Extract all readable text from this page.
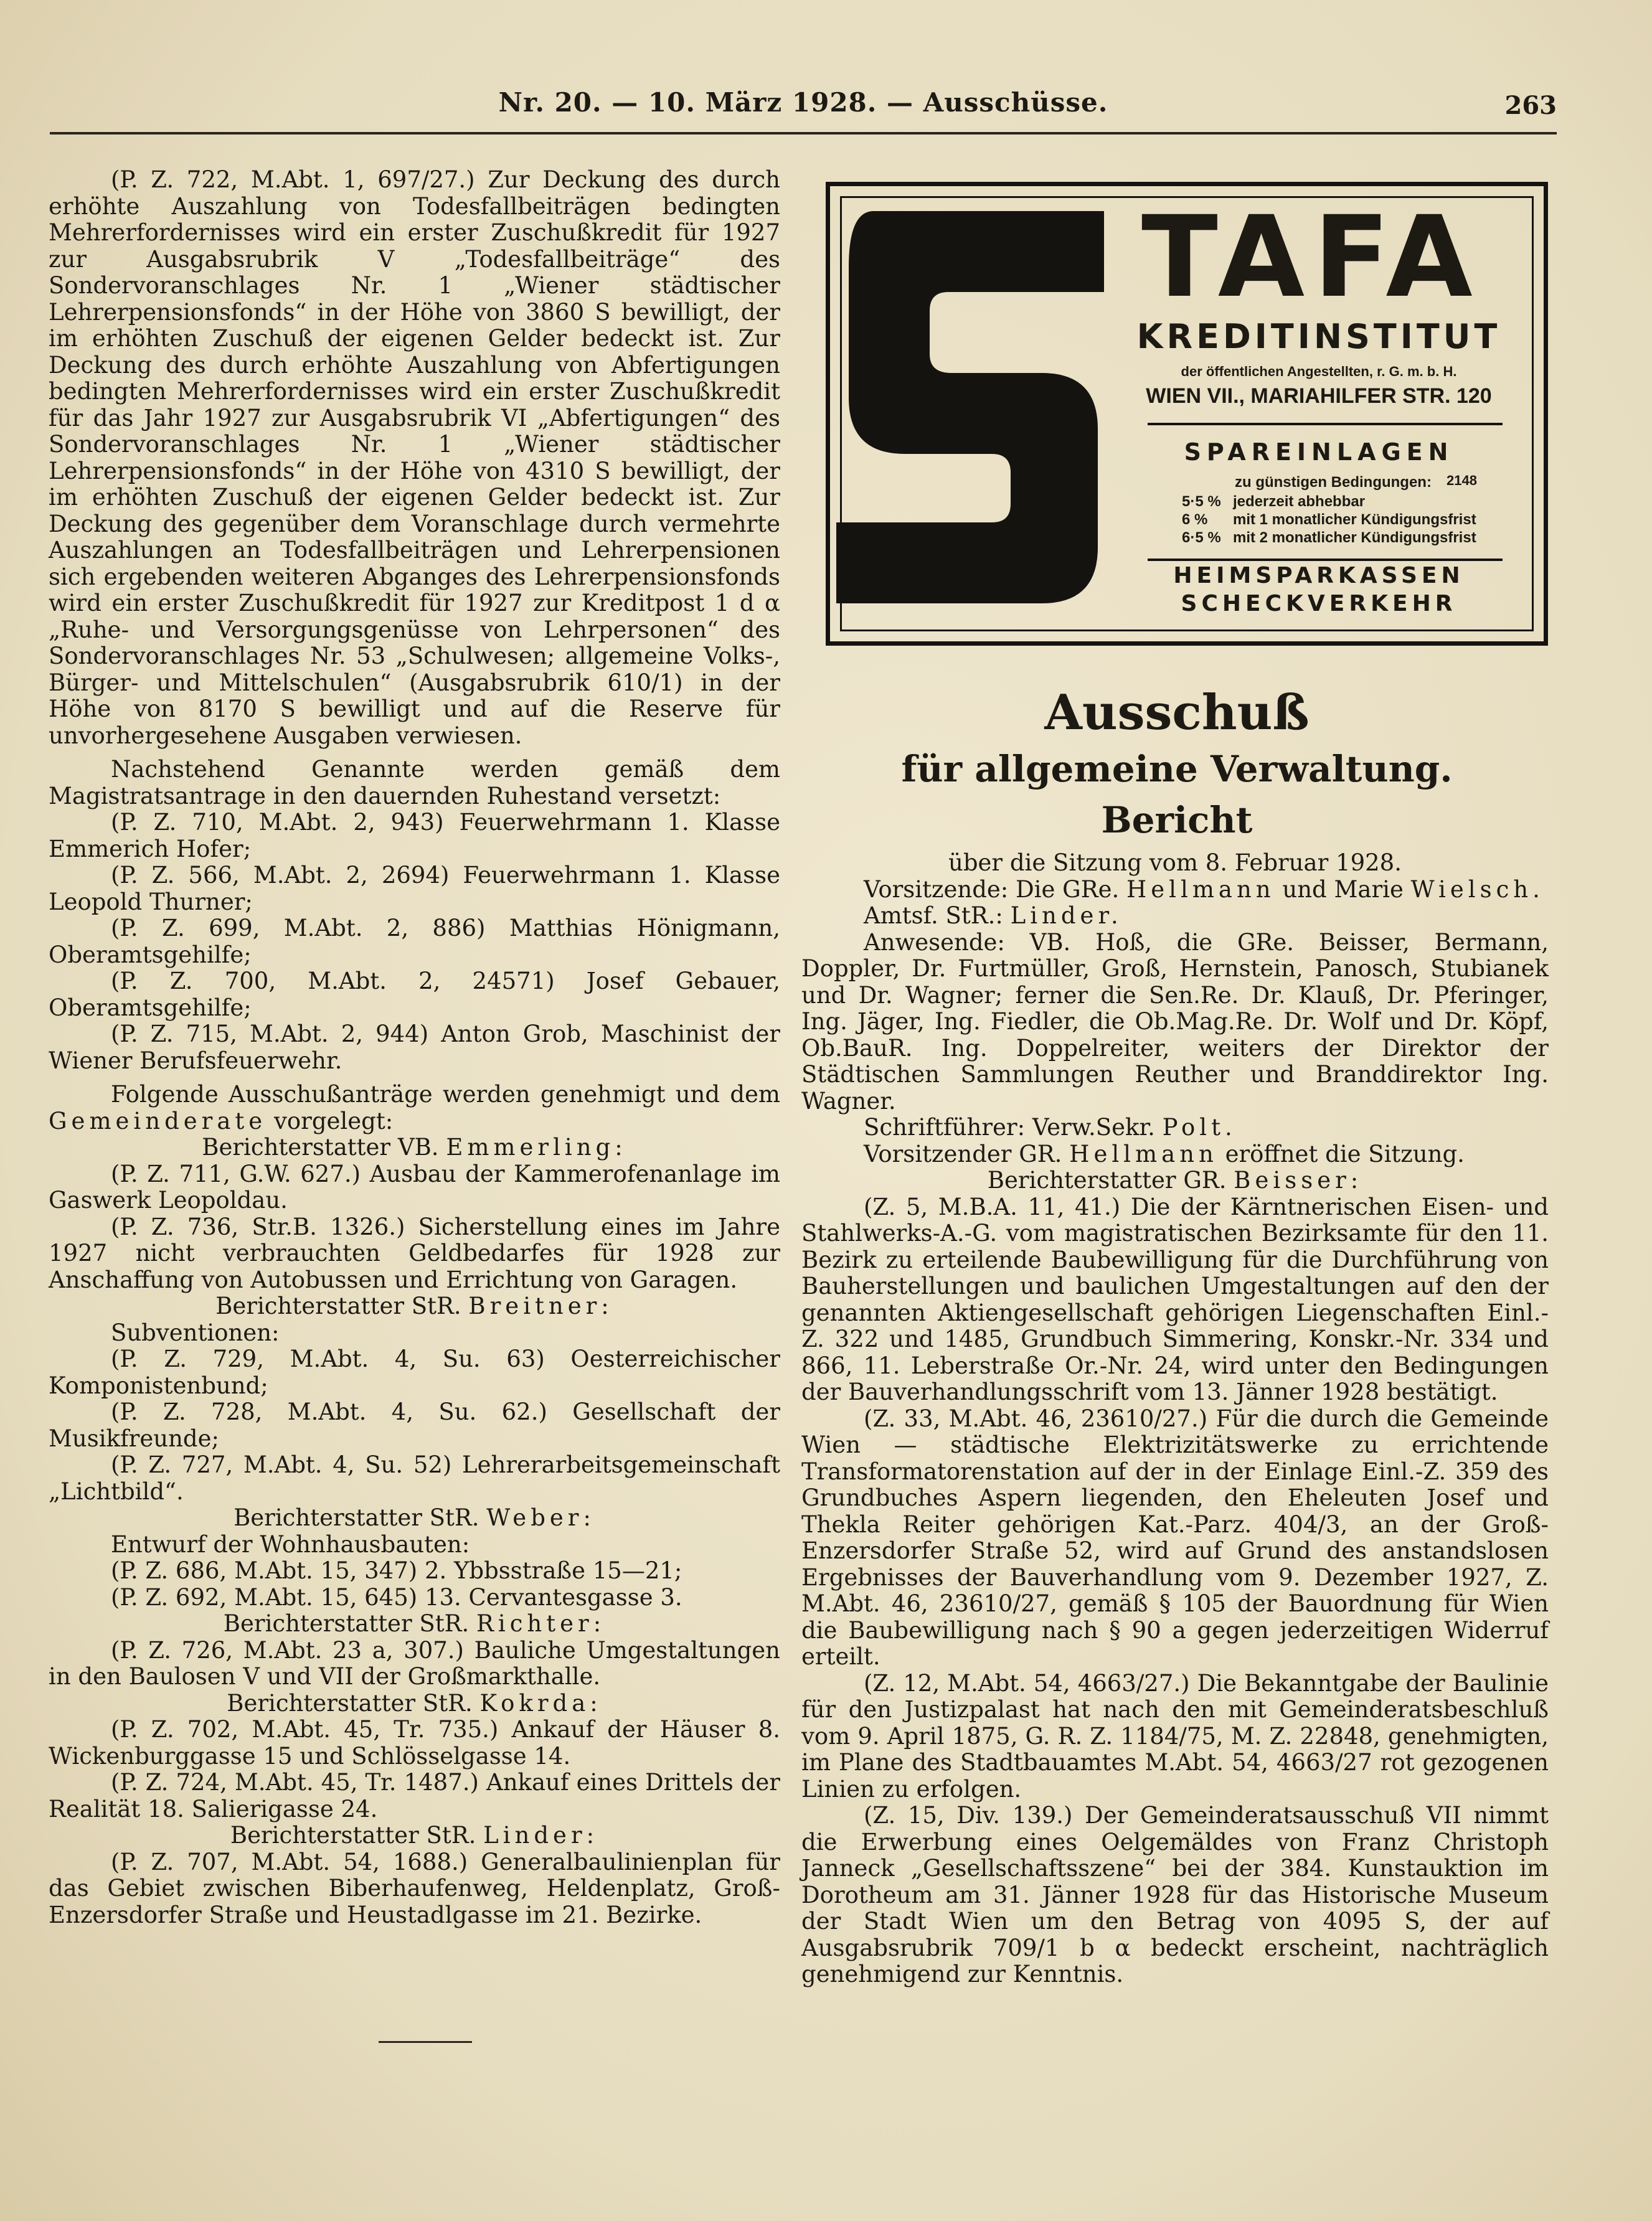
Nr. 20. — 10. März 1928. — Ausschüsse.	263

(P. Z. 722, M.Abt. 1, 697/27.) Zur Deckung des durch erhöhte Auszahlung von Todesfallbeiträgen bedingten Mehrerfordernisses wird ein erster Zuschußkredit für 1927 zur Ausgabsrubrik V „Todesfallbeiträge“ des Sondervoranschlages Nr. 1 „Wiener städtischer Lehrerpensionsfonds“ in der Höhe von 3860 S bewilligt, der im erhöhten Zuschuß der eigenen Gelder bedeckt ist. Zur Deckung des durch erhöhte Auszahlung von Abfertigungen bedingten Mehrerfordernisses wird ein erster Zuschußkredit für das Jahr 1927 zur Ausgabsrubrik VI „Abfertigungen“ des Sondervoranschlages Nr. 1 „Wiener städtischer Lehrerpensionsfonds“ in der Höhe von 4310 S bewilligt, der im erhöhten Zuschuß der eigenen Gelder bedeckt ist. Zur Deckung des gegenüber dem Voranschlage durch vermehrte Auszahlungen an Todesfallbeiträgen und Lehrerpensionen sich ergebenden weiteren Abganges des Lehrerpensionsfonds wird ein erster Zuschußkredit für 1927 zur Kreditpost 1 d α „Ruhe- und Versorgungsgenüsse von Lehrpersonen“ des Sondervoranschlages Nr. 53 „Schulwesen; allgemeine Volks-, Bürger- und Mittelschulen“ (Ausgabsrubrik 610/1) in der Höhe von 8170 S bewilligt und auf die Reserve für unvorhergesehene Ausgaben verwiesen.

Nachstehend Genannte werden gemäß dem Magistratsantrage in den dauernden Ruhestand versetzt:

(P. Z. 710, M.Abt. 2, 943) Feuerwehrmann 1. Klasse Emmerich Hofer;

(P. Z. 566, M.Abt. 2, 2694) Feuerwehrmann 1. Klasse Leopold Thurner;

(P. Z. 699, M.Abt. 2, 886) Matthias Hönigmann, Oberamtsgehilfe;

(P. Z. 700, M.Abt. 2, 24571) Josef Gebauer, Oberamtsgehilfe;

(P. Z. 715, M.Abt. 2, 944) Anton Grob, Maschinist der Wiener Berufsfeuerwehr.

Folgende Ausschußanträge werden genehmigt und dem Gemeinderate vorgelegt:

Berichterstatter VB. Emmerling:

(P. Z. 711, G.W. 627.) Ausbau der Kammerofenanlage im Gaswerk Leopoldau.

(P. Z. 736, Str.B. 1326.) Sicherstellung eines im Jahre 1927 nicht verbrauchten Geldbedarfes für 1928 zur Anschaffung von Autobussen und Errichtung von Garagen.

Berichterstatter StR. Breitner:

Subventionen:

(P. Z. 729, M.Abt. 4, Su. 63) Oesterreichischer Komponistenbund;

(P. Z. 728, M.Abt. 4, Su. 62.) Gesellschaft der Musikfreunde;

(P. Z. 727, M.Abt. 4, Su. 52) Lehrerarbeitsgemeinschaft „Lichtbild“.

Berichterstatter StR. Weber:

Entwurf der Wohnhausbauten:

(P. Z. 686, M.Abt. 15, 347) 2. Ybbsstraße 15—21;

(P. Z. 692, M.Abt. 15, 645) 13. Cervantesgasse 3.

Berichterstatter StR. Richter:

(P. Z. 726, M.Abt. 23 a, 307.) Bauliche Umgestaltungen in den Baulosen V und VII der Großmarkthalle.

Berichterstatter StR. Kokrda:

(P. Z. 702, M.Abt. 45, Tr. 735.) Ankauf der Häuser 8. Wickenburggasse 15 und Schlösselgasse 14.

(P. Z. 724, M.Abt. 45, Tr. 1487.) Ankauf eines Drittels der Realität 18. Salierigasse 24.

Berichterstatter StR. Linder:

(P. Z. 707, M.Abt. 54, 1688.) Generalbaulinienplan für das Gebiet zwischen Biberhaufenweg, Heldenplatz, Groß-Enzersdorfer Straße und Heustadlgasse im 21. Bezirke.

TAFA
KREDITINSTITUT
der öffentlichen Angestellten, r. G. m. b. H.
WIEN VII., MARIAHILFER STR. 120
SPAREINLAGEN
zu günstigen Bedingungen: 2148
5·5 % jederzeit abhebbar
6 % mit 1 monatlicher Kündigungsfrist
6·5 % mit 2 monatlicher Kündigungsfrist
HEIMSPARKASSEN
SCHECKVERKEHR
Ausschuß
für allgemeine Verwaltung.
Bericht

über die Sitzung vom 8. Februar 1928.

Vorsitzende: Die GRe. Hellmann und Marie Wielsch.

Amtsf. StR.: Linder.

Anwesende: VB. Hoß, die GRe. Beisser, Bermann, Doppler, Dr. Furtmüller, Groß, Hernstein, Panosch, Stubianek und Dr. Wagner; ferner die Sen.Re. Dr. Klauß, Dr. Pferinger, Ing. Jäger, Ing. Fiedler, die Ob.Mag.Re. Dr. Wolf und Dr. Köpf, Ob.BauR. Ing. Doppelreiter, weiters der Direktor der Städtischen Sammlungen Reuther und Branddirektor Ing. Wagner.

Schriftführer: Verw.Sekr. Polt.

Vorsitzender GR. Hellmann eröffnet die Sitzung.

Berichterstatter GR. Beisser:

(Z. 5, M.B.A. 11, 41.) Die der Kärntnerischen Eisen- und Stahlwerks-A.-G. vom magistratischen Bezirksamte für den 11. Bezirk zu erteilende Baubewilligung für die Durchführung von Bauherstellungen und baulichen Umgestaltungen auf den der genannten Aktiengesellschaft gehörigen Liegenschaften Einl.-Z. 322 und 1485, Grundbuch Simmering, Konskr.-Nr. 334 und 866, 11. Leberstraße Or.-Nr. 24, wird unter den Bedingungen der Bauverhandlungsschrift vom 13. Jänner 1928 bestätigt.

(Z. 33, M.Abt. 46, 23610/27.) Für die durch die Gemeinde Wien — städtische Elektrizitätswerke zu errichtende Transformatorenstation auf der in der Einlage Einl.-Z. 359 des Grundbuches Aspern liegenden, den Eheleuten Josef und Thekla Reiter gehörigen Kat.-Parz. 404/3, an der Groß-Enzersdorfer Straße 52, wird auf Grund des anstandslosen Ergebnisses der Bauverhandlung vom 9. Dezember 1927, Z. M.Abt. 46, 23610/27, gemäß § 105 der Bauordnung für Wien die Baubewilligung nach § 90 a gegen jederzeitigen Widerruf erteilt.

(Z. 12, M.Abt. 54, 4663/27.) Die Bekanntgabe der Baulinie für den Justizpalast hat nach den mit Gemeinderatsbeschluß vom 9. April 1875, G. R. Z. 1184/75, M. Z. 22848, genehmigten, im Plane des Stadtbauamtes M.Abt. 54, 4663/27 rot gezogenen Linien zu erfolgen.

(Z. 15, Div. 139.) Der Gemeinderatsausschuß VII nimmt die Erwerbung eines Oelgemäldes von Franz Christoph Janneck „Gesellschaftsszene“ bei der 384. Kunstauktion im Dorotheum am 31. Jänner 1928 für das Historische Museum der Stadt Wien um den Betrag von 4095 S, der auf Ausgabsrubrik 709/1 b α bedeckt erscheint, nachträglich genehmigend zur Kenntnis.
